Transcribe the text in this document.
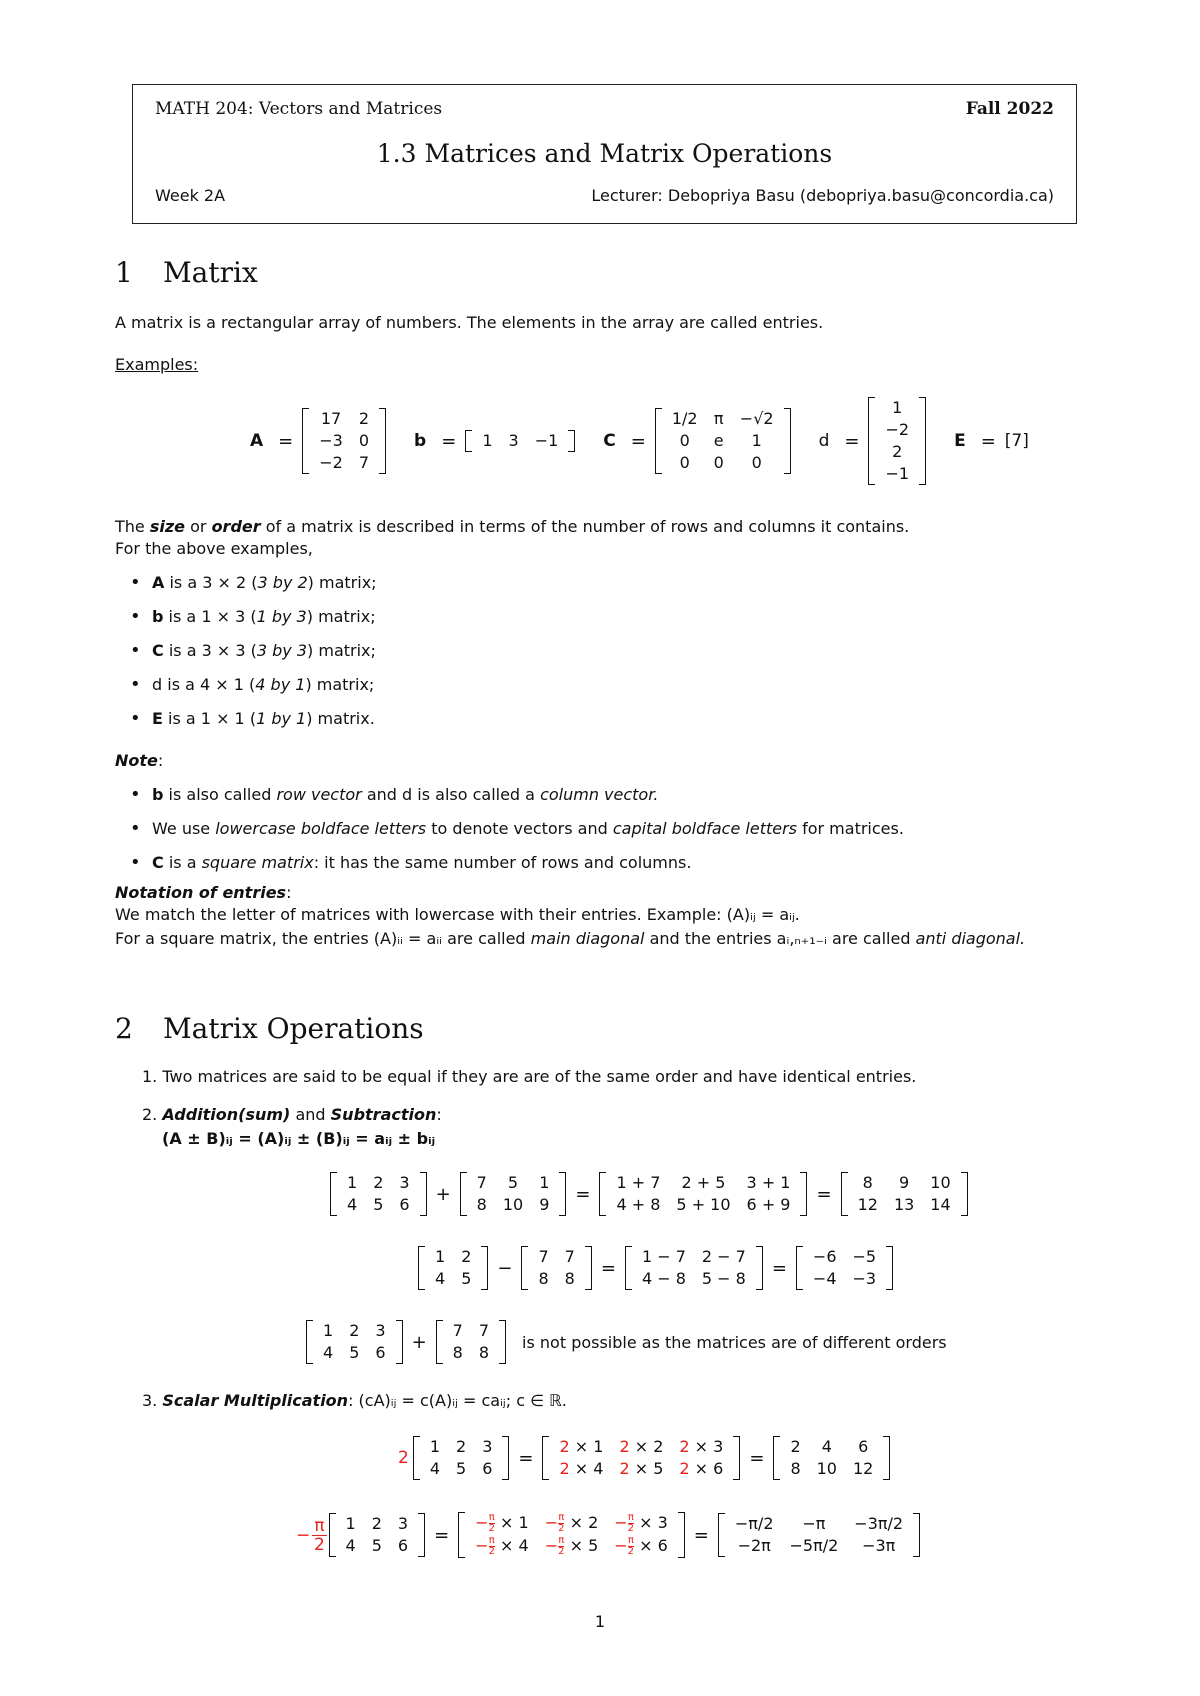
MATH 204: Vectors and Matrices	Fall 2022
1.3 Matrices and Matrix Operations
Week 2A	Lecturer: Debopriya Basu (debopriya.basu@concordia.ca)
1 Matrix
A matrix is a rectangular array of numbers. The elements in the array are called entries.
Examples:
A =
17	2
−3	0
−2	7
b = 1	3	−1	C =
1/2	π	−√2
0	e	1
0	0	0
d =
1
−2
2
−1
E = [7]
The size or order of a matrix is described in terms of the number of rows and columns it contains.
For the above examples,
• A is a 3 × 2 (3 by 2) matrix;
• b is a 1 × 3 (1 by 3) matrix;
• C is a 3 × 3 (3 by 3) matrix;
• d is a 4 × 1 (4 by 1) matrix;
• E is a 1 × 1 (1 by 1) matrix.
Note:
• b is also called row vector and d is also called a column vector.
• We use lowercase boldface letters to denote vectors and capital boldface letters for matrices.
• C is a square matrix: it has the same number of rows and columns.
Notation of entries:
We match the letter of matrices with lowercase with their entries. Example: (A)ᵢⱼ = aᵢⱼ.
For a square matrix, the entries (A)ᵢᵢ = aᵢᵢ are called main diagonal and the entries aᵢ,ₙ₊₁₋ᵢ are called anti diagonal.
2 Matrix Operations
1. Two matrices are said to be equal if they are are of the same order and have identical entries.
2. Addition(sum) and Subtraction:
(A ± B)ᵢⱼ = (A)ᵢⱼ ± (B)ᵢⱼ = aᵢⱼ ± bᵢⱼ
1	2	3
4	5	6 +
7	5	1
8	10	9 =
1 + 7	2 + 5	3 + 1
4 + 8	5 + 10	6 + 9 =
8	9	10
12	13	14
1	2
4	5 −
7	7
8	8 =
1 − 7	2 − 7
4 − 8	5 − 8 =
−6	−5
−4	−3
1	2	3
4	5	6 +
7	7
8	8
is not possible as the matrices are of different orders
3. Scalar Multiplication: (cA)ᵢⱼ = c(A)ᵢⱼ = caᵢⱼ; c ∈ ℝ.
2
1	2	3
4	5	6 =
2 × 1	2 × 2	2 × 3
2 × 4	2 × 5	2 × 6 =
2	4	6
8	10	12
− $\frac{\pi}{2} 1$	2	3
4	5	6 =
− $\frac{\pi}{2} \times 1$	− $\frac{\pi}{2} \times 2$	− $\frac{\pi}{2} \times 3$
− $\frac{\pi}{2} \times 4$	− $\frac{\pi}{2} \times 5$	− $\frac{\pi}{2} \times 6$ =
−π/2	−π	−3π/2
−2π	−5π/2	−3π
1
